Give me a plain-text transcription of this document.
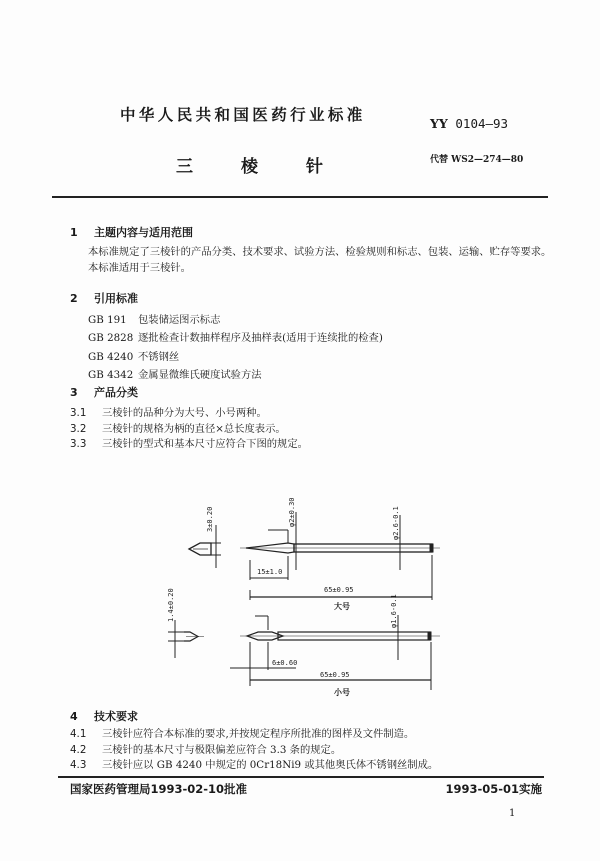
中华人民共和国医药行业标准	YY 0104—93
三	棱	针	代替 WS2—274—80
1 主题内容与适用范围
本标准规定了三棱针的产品分类、技术要求、试验方法、检验规则和标志、包装、运输、贮存等要求。
本标准适用于三棱针。
2 引用标准
GB 191 包装储运图示标志
GB 2828 逐批检查计数抽样程序及抽样表(适用于连续批的检查)
GB 4240 不锈钢丝
GB 4342 金属显微维氏硬度试验方法
3 产品分类
3.1 三棱针的品种分为大号、小号两种。
3.2 三棱针的规格为柄的直径×总长度表示。
3.3 三棱针的型式和基本尺寸应符合下图的规定。
3±0.20	φ2±0.30	φ2.6-0.1
15±1.0
65±0.95
大号
1.4±0.20	φ1.6-0.1
6±0.60
65±0.95
小号
4 技术要求
4.1 三棱针应符合本标准的要求,并按规定程序所批准的图样及文件制造。
4.2 三棱针的基本尺寸与极限偏差应符合 3.3 条的规定。
4.3 三棱针应以 GB 4240 中规定的 0Cr18Ni9 或其他奥氏体不锈钢丝制成。
国家医药管理局1993-02-10批准	1993-05-01实施
1
